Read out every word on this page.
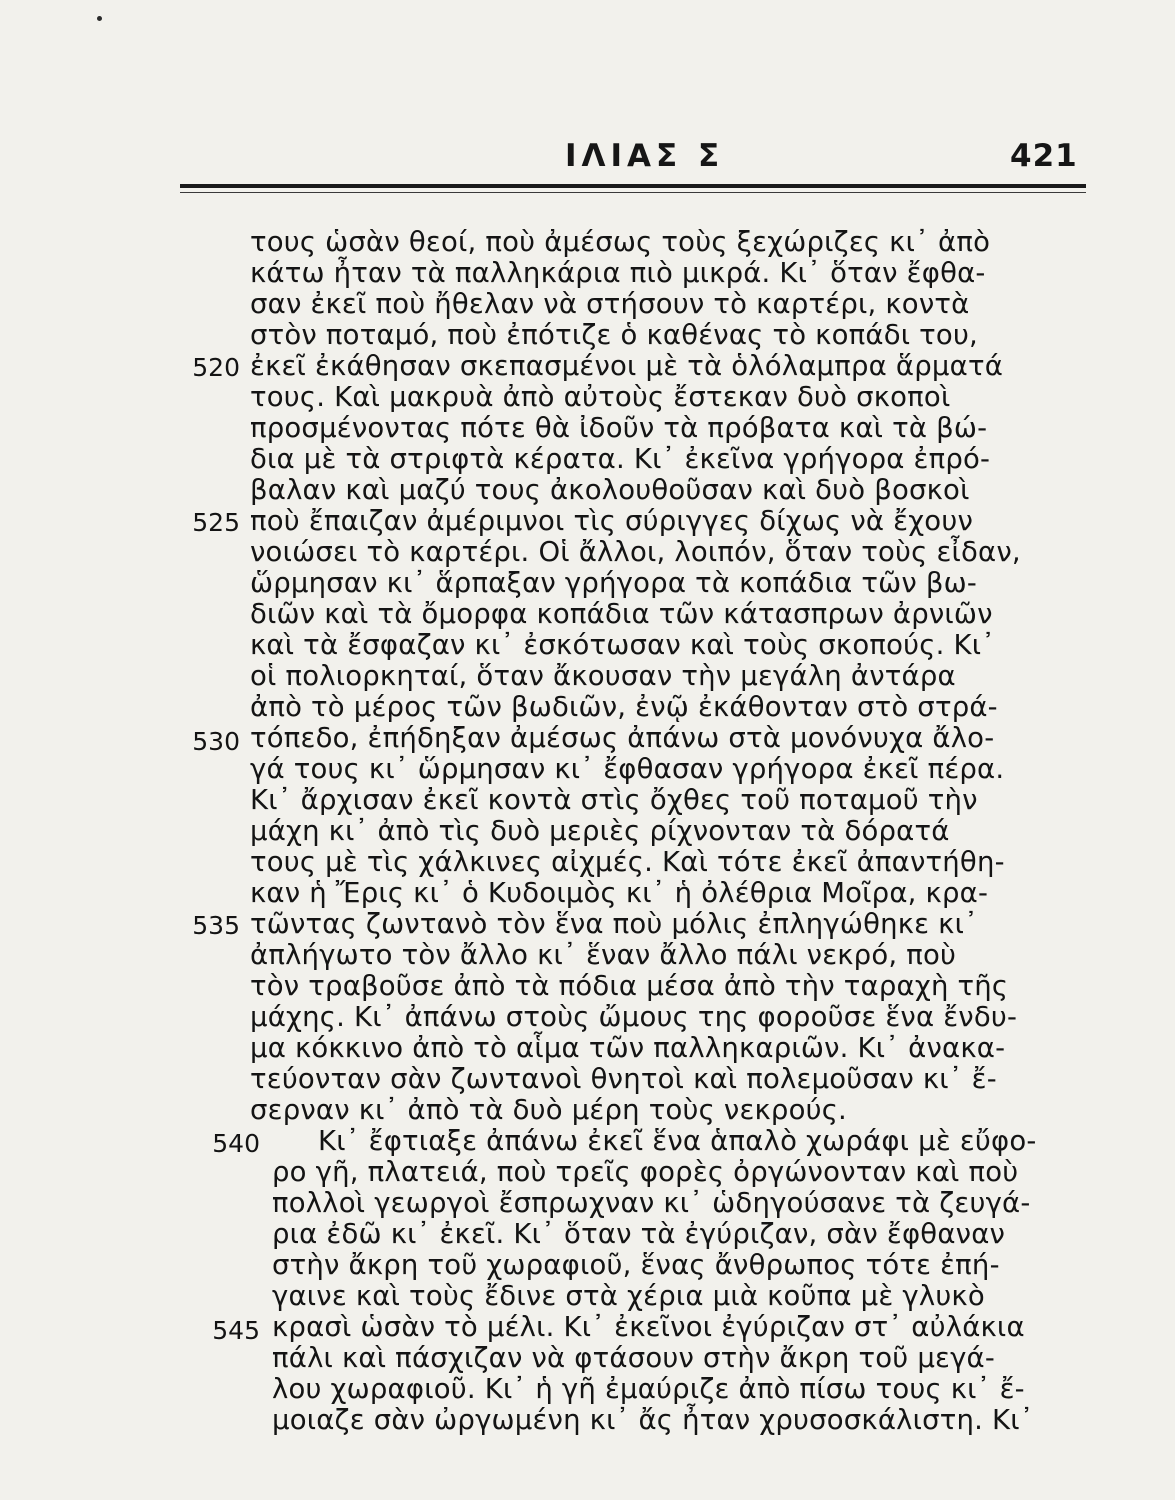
ΙΛΙΑΣ Σ	421
520
525
530
535
540
545
τους ὡσὰν θεοί, ποὺ ἀμέσως τοὺς ξεχώριζες κι᾽ ἀπὸ
κάτω ἦταν τὰ παλληκάρια πιὸ μικρά. Κι᾽ ὅταν ἔφθα-
σαν ἐκεῖ ποὺ ἤθελαν νὰ στήσουν τὸ καρτέρι, κοντὰ
στὸν ποταμό, ποὺ ἐπότιζε ὁ καθένας τὸ κοπάδι του,
ἐκεῖ ἐκάθησαν σκεπασμένοι μὲ τὰ ὁλόλαμπρα ἅρματά
τους. Καὶ μακρυὰ ἀπὸ αὐτοὺς ἔστεκαν δυὸ σκοποὶ
προσμένοντας πότε θὰ ἰδοῦν τὰ πρόβατα καὶ τὰ βώ-
δια μὲ τὰ στριφτὰ κέρατα. Κι᾽ ἐκεῖνα γρήγορα ἐπρό-
βαλαν καὶ μαζύ τους ἀκολουθοῦσαν καὶ δυὸ βοσκοὶ
ποὺ ἔπαιζαν ἀμέριμνοι τὶς σύριγγες δίχως νὰ ἔχουν
νοιώσει τὸ καρτέρι. Οἱ ἄλλοι, λοιπόν, ὅταν τοὺς εἶδαν,
ὥρμησαν κι᾽ ἅρπαξαν γρήγορα τὰ κοπάδια τῶν βω-
διῶν καὶ τὰ ὄμορφα κοπάδια τῶν κάτασπρων ἀρνιῶν
καὶ τὰ ἔσφαζαν κι᾽ ἐσκότωσαν καὶ τοὺς σκοπούς. Κι᾽
οἱ πολιορκηταί, ὅταν ἄκουσαν τὴν μεγάλη ἀντάρα
ἀπὸ τὸ μέρος τῶν βωδιῶν, ἐνῷ ἐκάθονταν στὸ στρά-
τόπεδο, ἐπήδηξαν ἀμέσως ἀπάνω στὰ μονόνυχα ἄλο-
γά τους κι᾽ ὥρμησαν κι᾽ ἔφθασαν γρήγορα ἐκεῖ πέρα.
Κι᾽ ἄρχισαν ἐκεῖ κοντὰ στὶς ὄχθες τοῦ ποταμοῦ τὴν
μάχη κι᾽ ἀπὸ τὶς δυὸ μεριὲς ρίχνονταν τὰ δόρατά
τους μὲ τὶς χάλκινες αἰχμές. Καὶ τότε ἐκεῖ ἀπαντήθη-
καν ἡ Ἔρις κι᾽ ὁ Κυδοιμὸς κι᾽ ἡ ὀλέθρια Μοῖρα, κρα-
τῶντας ζωντανὸ τὸν ἕνα ποὺ μόλις ἐπληγώθηκε κι᾽
ἀπλήγωτο τὸν ἄλλο κι᾽ ἕναν ἄλλο πάλι νεκρό, ποὺ
τὸν τραβοῦσε ἀπὸ τὰ πόδια μέσα ἀπὸ τὴν ταραχὴ τῆς
μάχης. Κι᾽ ἀπάνω στοὺς ὤμους της φοροῦσε ἕνα ἔνδυ-
μα κόκκινο ἀπὸ τὸ αἷμα τῶν παλληκαριῶν. Κι᾽ ἀνακα-
τεύονταν σὰν ζωντανοὶ θνητοὶ καὶ πολεμοῦσαν κι᾽ ἔ-
σερναν κι᾽ ἀπὸ τὰ δυὸ μέρη τοὺς νεκρούς.
Κι᾽ ἔφτιαξε ἀπάνω ἐκεῖ ἕνα ἁπαλὸ χωράφι μὲ εὔφο-
ρο γῆ, πλατειά, ποὺ τρεῖς φορὲς ὀργώνονταν καὶ ποὺ
πολλοὶ γεωργοὶ ἔσπρωχναν κι᾽ ὡδηγούσανε τὰ ζευγά-
ρια ἐδῶ κι᾽ ἐκεῖ. Κι᾽ ὅταν τὰ ἐγύριζαν, σὰν ἔφθαναν
στὴν ἄκρη τοῦ χωραφιοῦ, ἕνας ἄνθρωπος τότε ἐπή-
γαινε καὶ τοὺς ἔδινε στὰ χέρια μιὰ κοῦπα μὲ γλυκὸ
κρασὶ ὡσὰν τὸ μέλι. Κι᾽ ἐκεῖνοι ἐγύριζαν στ᾽ αὐλάκια
πάλι καὶ πάσχιζαν νὰ φτάσουν στὴν ἄκρη τοῦ μεγά-
λου χωραφιοῦ. Κι᾽ ἡ γῆ ἐμαύριζε ἀπὸ πίσω τους κι᾽ ἔ-
μοιαζε σὰν ὠργωμένη κι᾽ ἄς ἦταν χρυσοσκάλιστη. Κι᾽
